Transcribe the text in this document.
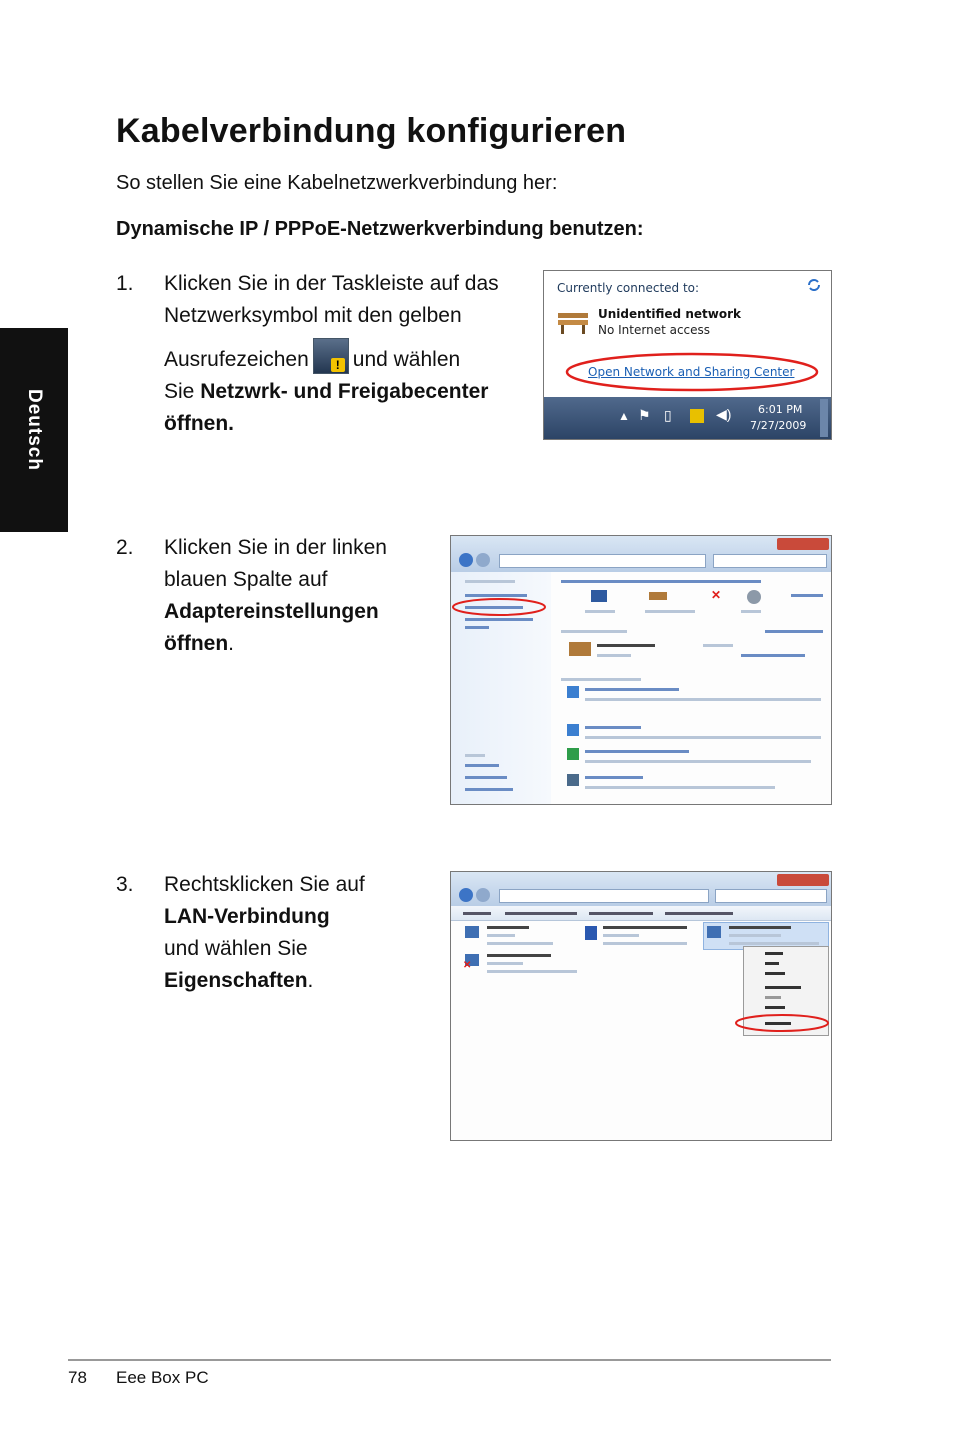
Deutsch
Kabelverbindung konfigurieren
So stellen Sie eine Kabelnetzwerkverbindung her:
Dynamische IP / PPPoE-Netzwerkverbindung benutzen:
1. Klicken Sie in der Taskleiste auf das
Netzwerksymbol mit den gelben
Ausrufezeichen! und wählen
Sie Netzwrk- und Freigabecenter
öffnen.
Currently connected to:
Unidentified network
No Internet access
Open Network and Sharing Center
▲ ⚑ ▯	◀) 6:01 PM
7/27/2009
2. Klicken Sie in der linken
blauen Spalte auf
Adaptereinstellungen
öffnen.
✕
3. Rechtsklicken Sie auf
LAN-Verbindung
und wählen Sie
Eigenschaften.
✕
78 Eee Box PC
